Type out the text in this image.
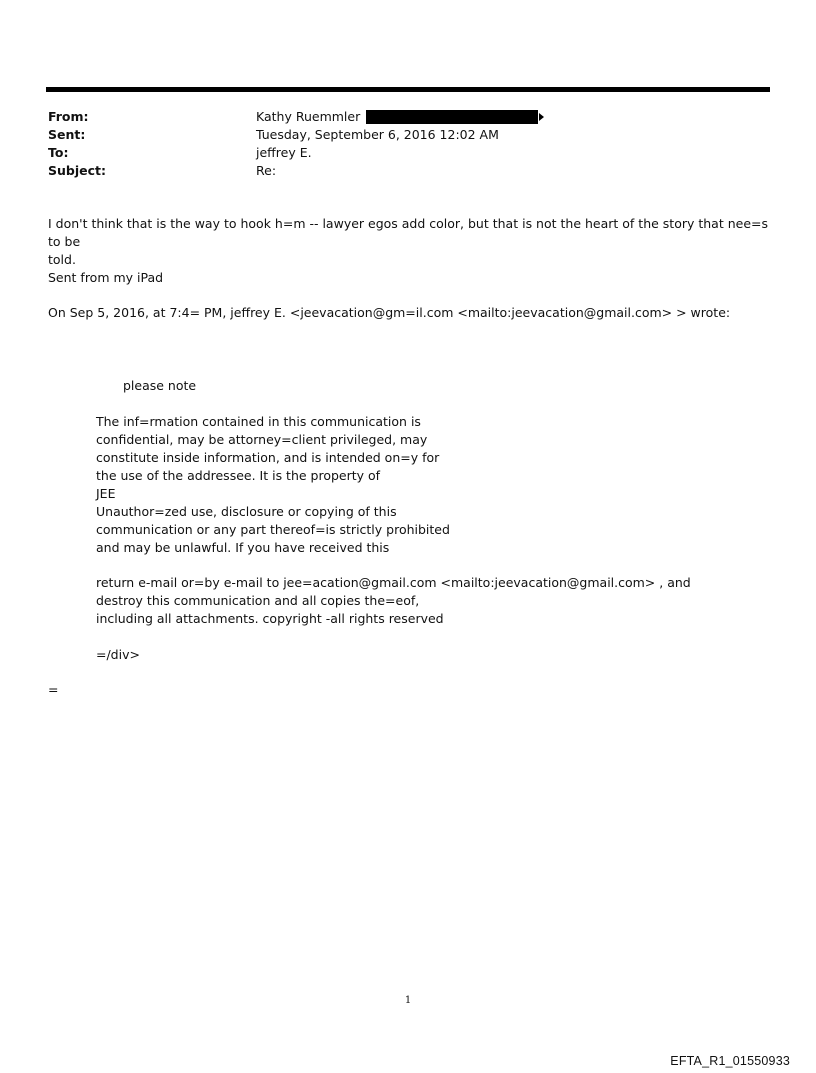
From:	Kathy Ruemmler
Sent:	Tuesday, September 6, 2016 12:02 AM
To:	jeffrey E.
Subject:	Re:
I don't think that is the way to hook h=m -- lawyer egos add color, but that is not the heart of the story that nee=s to be
told.
Sent from my iPad
On Sep 5, 2016, at 7:4= PM, jeffrey E. <jeevacation@gm=il.com <mailto:jeevacation@gmail.com> > wrote:
please note
The inf=rmation contained in this communication is
confidential, may be attorney=client privileged, may
constitute inside information, and is intended on=y for
the use of the addressee. It is the property of
JEE
Unauthor=zed use, disclosure or copying of this
communication or any part thereof=is strictly prohibited
and may be unlawful. If you have received this
return e-mail or=by e-mail to jee=acation@gmail.com <mailto:jeevacation@gmail.com> , and
destroy this communication and all copies the=eof,
including all attachments. copyright -all rights reserved
=/div>
=
1
EFTA_R1_01550933
